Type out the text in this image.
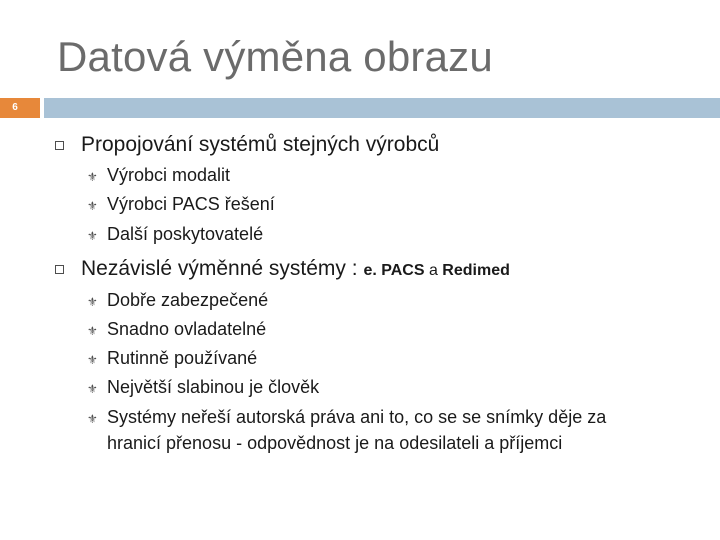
Datová výměna obrazu
6
Propojování systémů stejných výrobců
⚜ Výrobci modalit
⚜ Výrobci PACS řešení
⚜ Další poskytovatelé
Nezávislé výměnné systémy : e. PACS a Redimed
⚜ Dobře zabezpečené
⚜ Snadno ovladatelné
⚜ Rutinně používané
⚜ Největší slabinou je člověk
⚜ Systémy neřeší autorská práva ani to, co se se snímky děje za
hranicí přenosu - odpovědnost je na odesilateli a příjemci
